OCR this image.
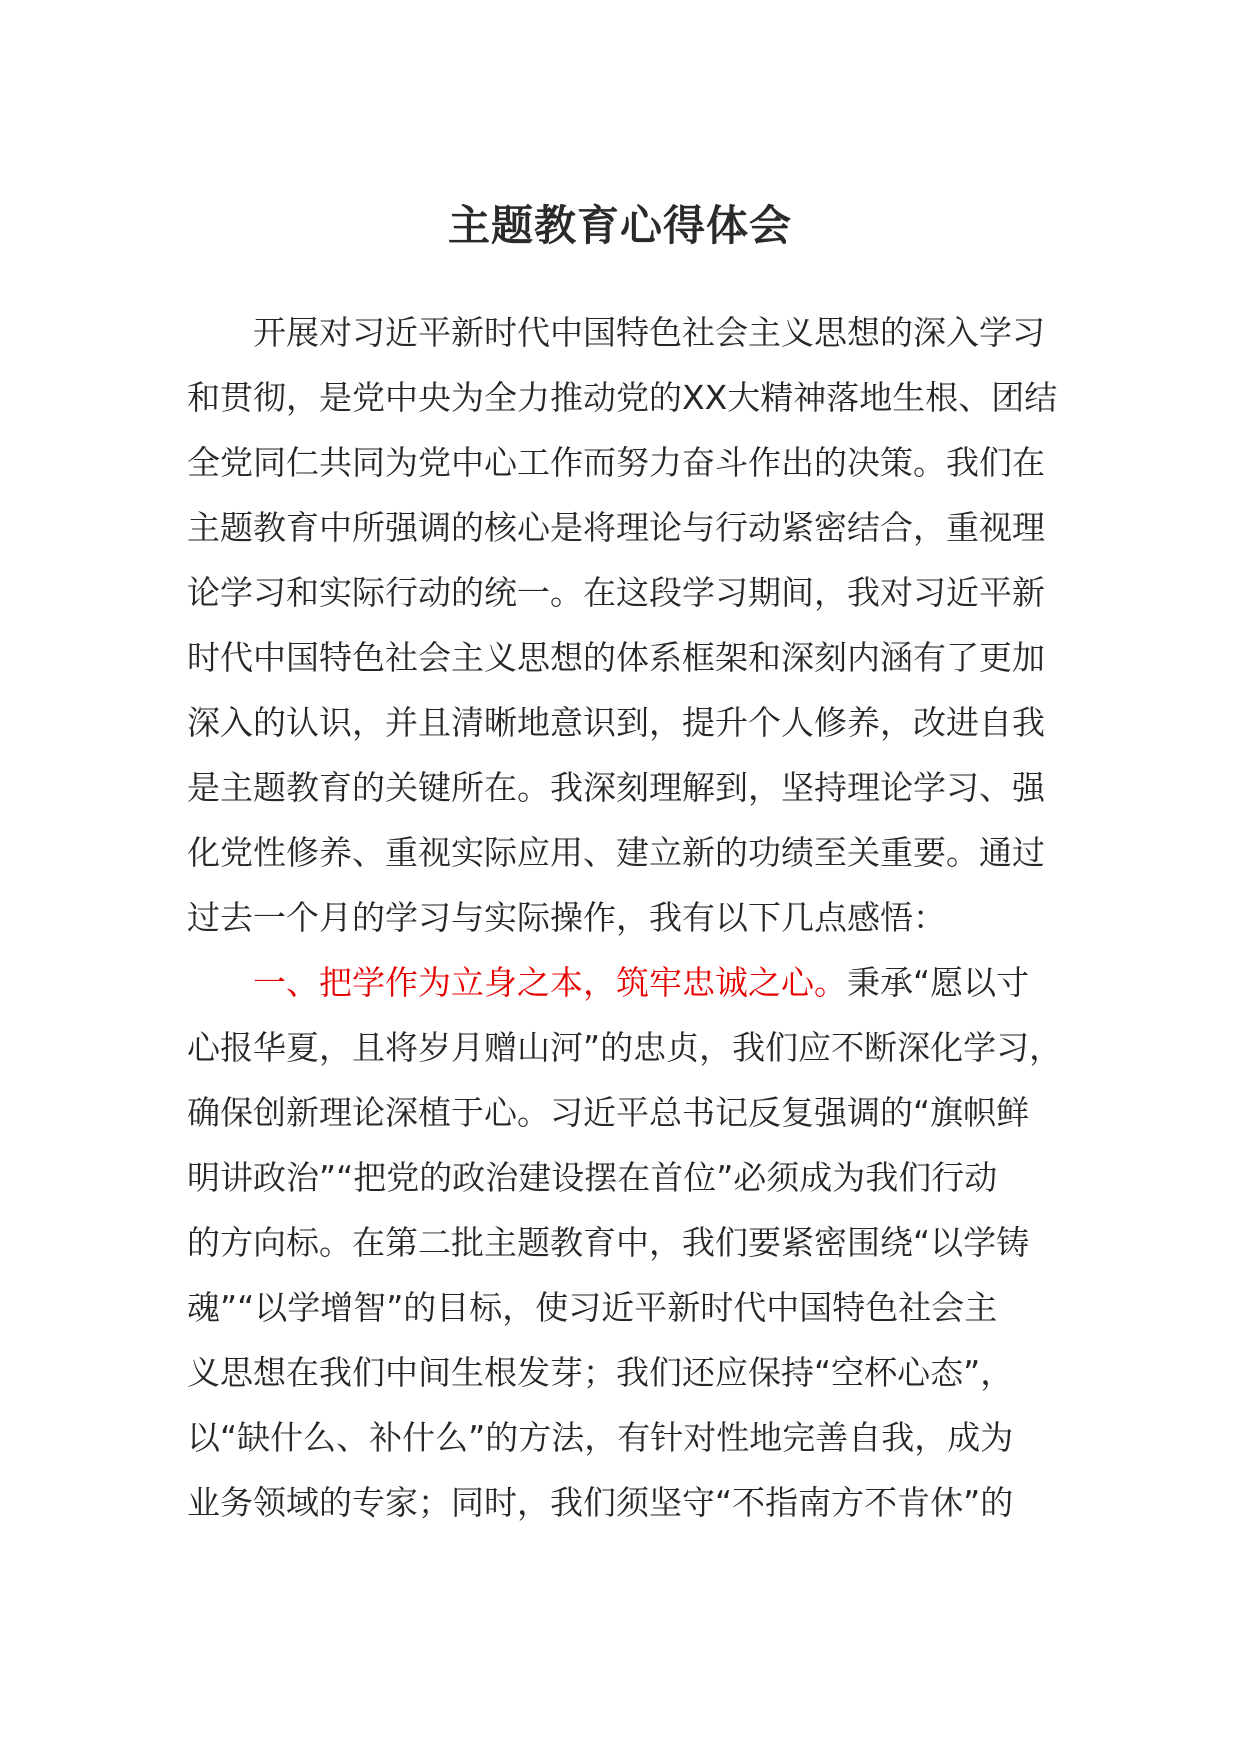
主题教育心得体会
　　开展对习近平新时代中国特色社会主义思想的深入学习
和贯彻，是党中央为全力推动党的XX大精神落地生根、团结
全党同仁共同为党中心工作而努力奋斗作出的决策。我们在
主题教育中所强调的核心是将理论与行动紧密结合，重视理
论学习和实际行动的统一。在这段学习期间，我对习近平新
时代中国特色社会主义思想的体系框架和深刻内涵有了更加
深入的认识，并且清晰地意识到，提升个人修养，改进自我
是主题教育的关键所在。我深刻理解到，坚持理论学习、强
化党性修养、重视实际应用、建立新的功绩至关重要。通过
过去一个月的学习与实际操作，我有以下几点感悟：
　　一、把学作为立身之本，筑牢忠诚之心。秉承“愿以寸
心报华夏，且将岁月赠山河”的忠贞，我们应不断深化学习，
确保创新理论深植于心。习近平总书记反复强调的“旗帜鲜
明讲政治”“把党的政治建设摆在首位”必须成为我们行动
的方向标。在第二批主题教育中，我们要紧密围绕“以学铸
魂”“以学增智”的目标，使习近平新时代中国特色社会主
义思想在我们中间生根发芽；我们还应保持“空杯心态”，
以“缺什么、补什么”的方法，有针对性地完善自我，成为
业务领域的专家；同时，我们须坚守“不指南方不肯休”的
